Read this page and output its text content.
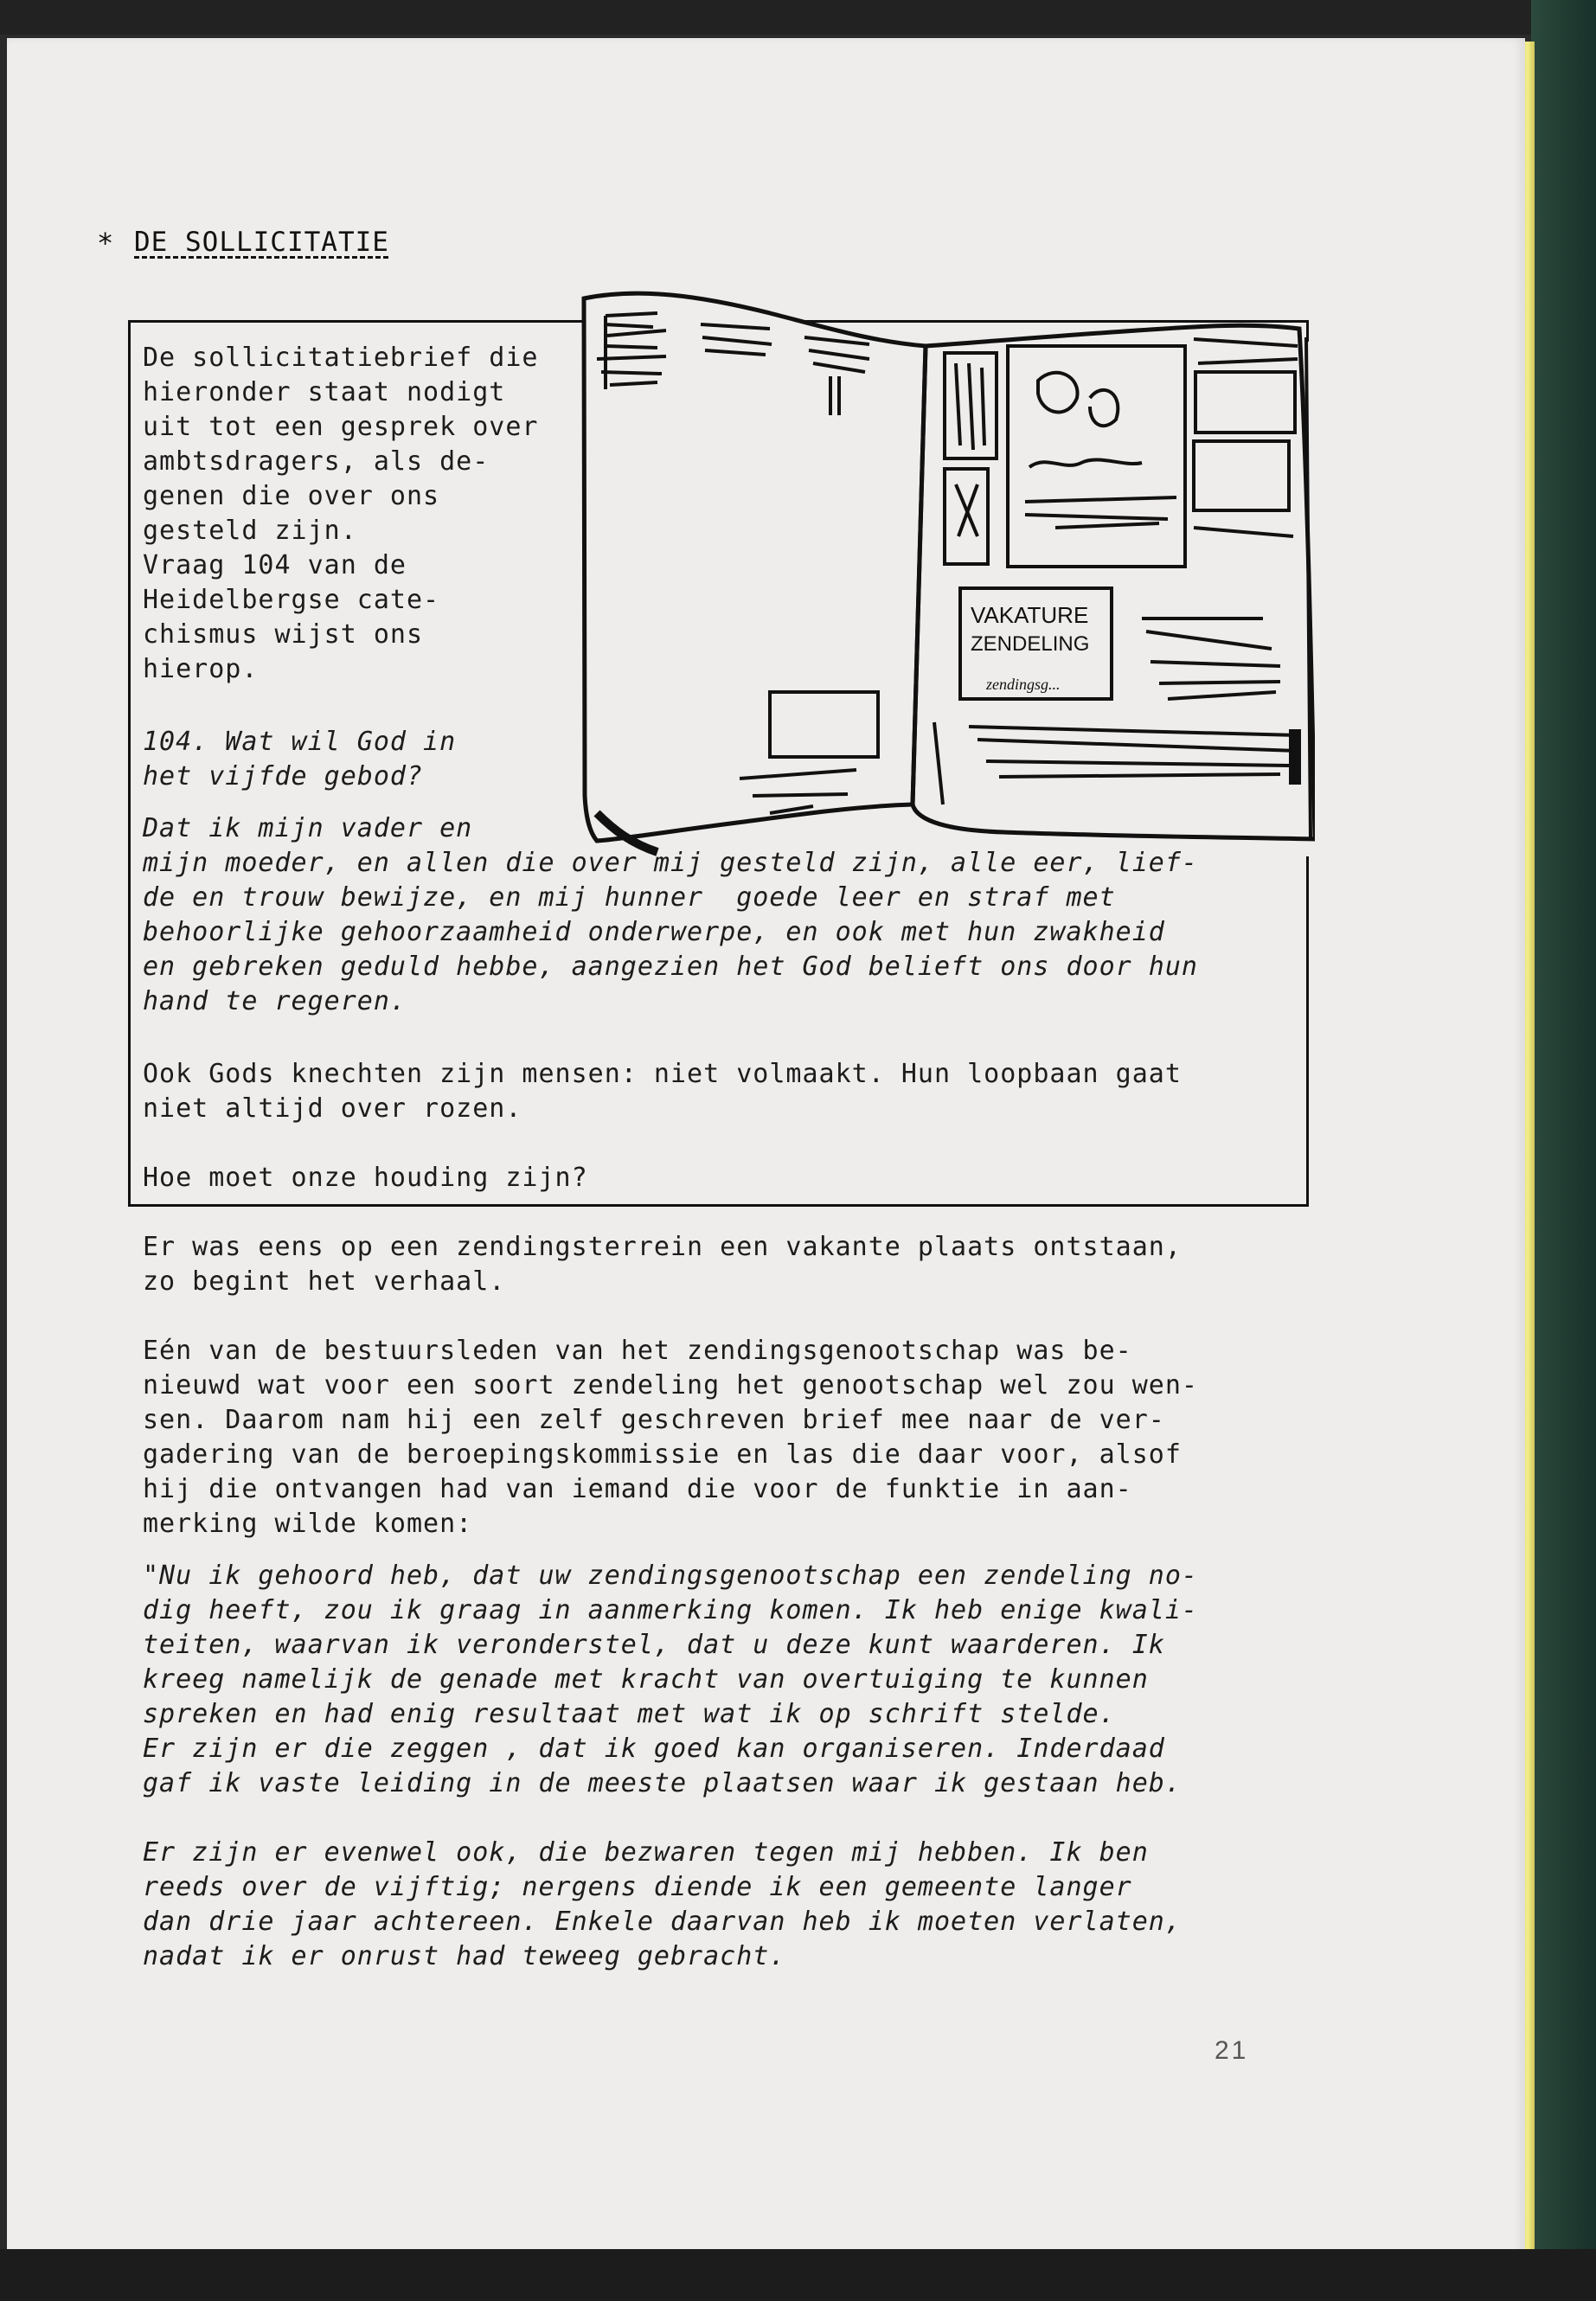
* DE SOLLICITATIE
VAKATURE
ZENDELING
zendingsg...
De sollicitatiebrief die
hieronder staat nodigt
uit tot een gesprek over
ambtsdragers, als de-
genen die over ons
gesteld zijn.
Vraag 104 van de
Heidelbergse cate-
chismus wijst ons
hierop.
104. Wat wil God in
het vijfde gebod?
Dat ik mijn vader en
mijn moeder, en allen die over mij gesteld zijn, alle eer, lief-
de en trouw bewijze, en mij hunner  goede leer en straf met
behoorlijke gehoorzaamheid onderwerpe, en ook met hun zwakheid
en gebreken geduld hebbe, aangezien het God belieft ons door hun
hand te regeren.
Ook Gods knechten zijn mensen: niet volmaakt. Hun loopbaan gaat
niet altijd over rozen.
Hoe moet onze houding zijn?
Er was eens op een zendingsterrein een vakante plaats ontstaan,
zo begint het verhaal.
Eén van de bestuursleden van het zendingsgenootschap was be-
nieuwd wat voor een soort zendeling het genootschap wel zou wen-
sen. Daarom nam hij een zelf geschreven brief mee naar de ver-
gadering van de beroepingskommissie en las die daar voor, alsof
hij die ontvangen had van iemand die voor de funktie in aan-
merking wilde komen:
"Nu ik gehoord heb, dat uw zendingsgenootschap een zendeling no-
dig heeft, zou ik graag in aanmerking komen. Ik heb enige kwali-
teiten, waarvan ik veronderstel, dat u deze kunt waarderen. Ik
kreeg namelijk de genade met kracht van overtuiging te kunnen
spreken en had enig resultaat met wat ik op schrift stelde.
Er zijn er die zeggen , dat ik goed kan organiseren. Inderdaad
gaf ik vaste leiding in de meeste plaatsen waar ik gestaan heb.
Er zijn er evenwel ook, die bezwaren tegen mij hebben. Ik ben
reeds over de vijftig; nergens diende ik een gemeente langer
dan drie jaar achtereen. Enkele daarvan heb ik moeten verlaten,
nadat ik er onrust had teweeg gebracht.
21
